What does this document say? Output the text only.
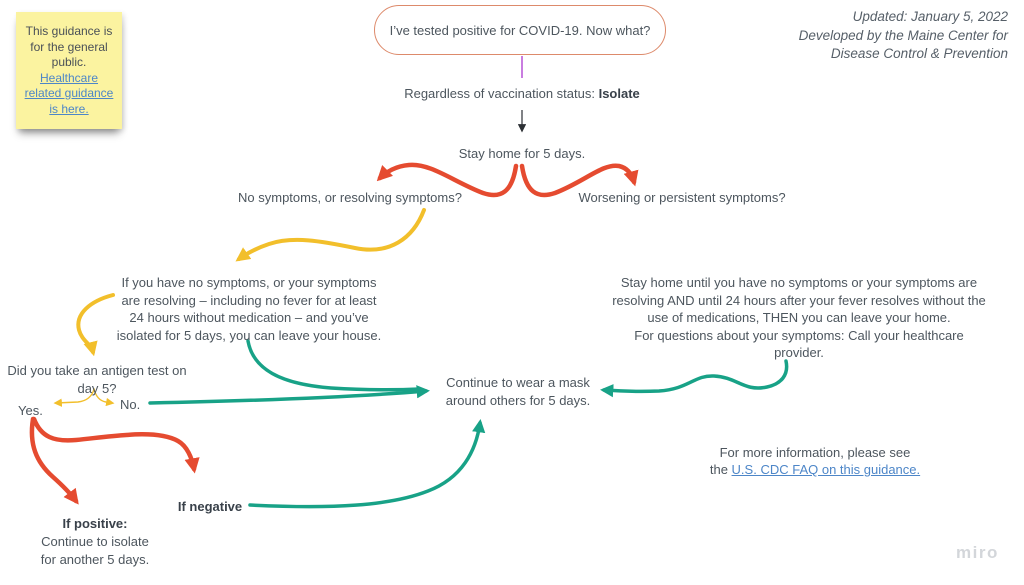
This guidance is for the general public. Healthcare related guidance is here.
I’ve tested positive for COVID-19. Now what?
Updated: January 5, 2022
Developed by the Maine Center for
Disease Control & Prevention
Regardless of vaccination status: Isolate
Stay home for 5 days.
No symptoms, or resolving symptoms?	Worsening or persistent symptoms?
If you have no symptoms, or your symptoms
are resolving – including no fever for at least
24 hours without medication – and you’ve
isolated for 5 days, you can leave your house.
Stay home until you have no symptoms or your symptoms are
resolving AND until 24 hours after your fever resolves without the
use of medications, THEN you can leave your home.
For questions about your symptoms: Call your healthcare
provider.
Did you take an antigen test on
day 5?
Yes.	No.
Continue to wear a mask
around others for 5 days.
If negative
If positive:
Continue to isolate
for another 5 days.
For more information, please see
the U.S. CDC FAQ on this guidance.
miro
